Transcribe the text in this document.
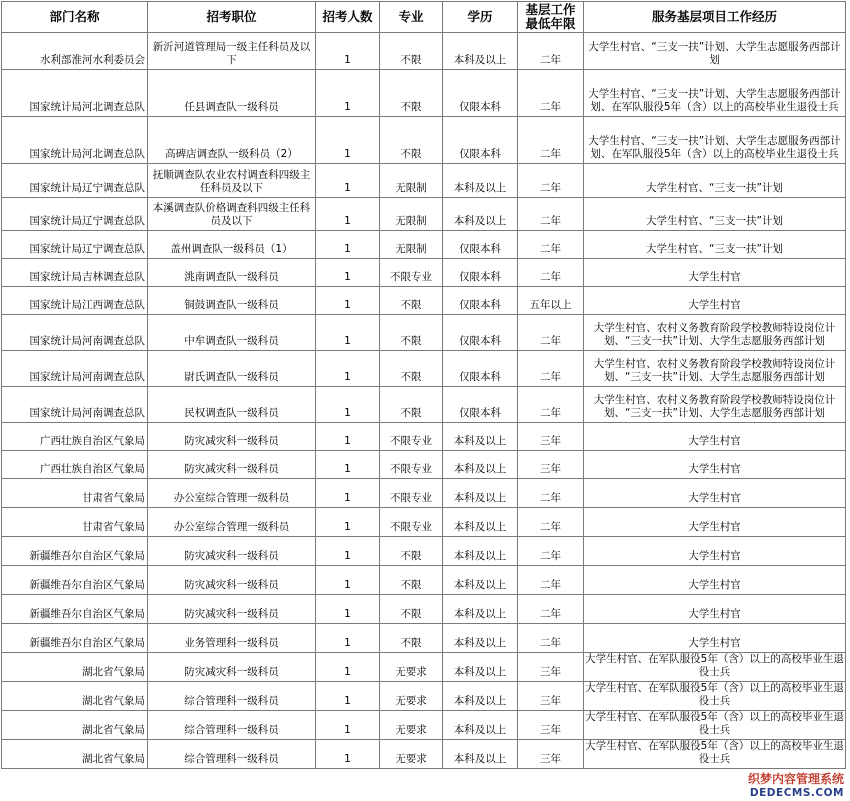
部门名称	招考职位	招考人数	专业	学历	基层工作最低年限	服务基层项目工作经历
水利部淮河水利委员会	新沂河道管理局一级主任科员及以下	1	不限	本科及以上	二年	大学生村官、“三支一扶”计划、大学生志愿服务西部计划
国家统计局河北调查总队	任县调查队一级科员	1	不限	仅限本科	二年	大学生村官、“三支一扶”计划、大学生志愿服务西部计划、在军队服役5年（含）以上的高校毕业生退役士兵
国家统计局河北调查总队	高碑店调查队一级科员（2）	1	不限	仅限本科	二年	大学生村官、“三支一扶”计划、大学生志愿服务西部计划、在军队服役5年（含）以上的高校毕业生退役士兵
国家统计局辽宁调查总队	抚顺调查队农业农村调查科四级主任科员及以下	1	无限制	本科及以上	二年	大学生村官、“三支一扶”计划
国家统计局辽宁调查总队	本溪调查队价格调查科四级主任科员及以下	1	无限制	本科及以上	二年	大学生村官、“三支一扶”计划
国家统计局辽宁调查总队	盖州调查队一级科员（1）	1	无限制	仅限本科	二年	大学生村官、“三支一扶”计划
国家统计局吉林调查总队	洮南调查队一级科员	1	不限专业	仅限本科	二年	大学生村官
国家统计局江西调查总队	铜鼓调查队一级科员	1	不限	仅限本科	五年以上	大学生村官
国家统计局河南调查总队	中牟调查队一级科员	1	不限	仅限本科	二年	大学生村官、农村义务教育阶段学校教师特设岗位计划、“三支一扶”计划、大学生志愿服务西部计划
国家统计局河南调查总队	尉氏调查队一级科员	1	不限	仅限本科	二年	大学生村官、农村义务教育阶段学校教师特设岗位计划、“三支一扶”计划、大学生志愿服务西部计划
国家统计局河南调查总队	民权调查队一级科员	1	不限	仅限本科	二年	大学生村官、农村义务教育阶段学校教师特设岗位计划、“三支一扶”计划、大学生志愿服务西部计划
广西壮族自治区气象局	防灾减灾科一级科员	1	不限专业	本科及以上	三年	大学生村官
广西壮族自治区气象局	防灾减灾科一级科员	1	不限专业	本科及以上	三年	大学生村官
甘肃省气象局	办公室综合管理一级科员	1	不限专业	本科及以上	二年	大学生村官
甘肃省气象局	办公室综合管理一级科员	1	不限专业	本科及以上	二年	大学生村官
新疆维吾尔自治区气象局	防灾减灾科一级科员	1	不限	本科及以上	二年	大学生村官
新疆维吾尔自治区气象局	防灾减灾科一级科员	1	不限	本科及以上	二年	大学生村官
新疆维吾尔自治区气象局	防灾减灾科一级科员	1	不限	本科及以上	二年	大学生村官
新疆维吾尔自治区气象局	业务管理科一级科员	1	不限	本科及以上	二年	大学生村官
湖北省气象局	防灾减灾科一级科员	1	无要求	本科及以上	三年	大学生村官、在军队服役5年（含）以上的高校毕业生退役士兵
湖北省气象局	综合管理科一级科员	1	无要求	本科及以上	三年	大学生村官、在军队服役5年（含）以上的高校毕业生退役士兵
湖北省气象局	综合管理科一级科员	1	无要求	本科及以上	三年	大学生村官、在军队服役5年（含）以上的高校毕业生退役士兵
湖北省气象局	综合管理科一级科员	1	无要求	本科及以上	三年	大学生村官、在军队服役5年（含）以上的高校毕业生退役士兵
织梦内容管理系统
DEDECMS.COM
